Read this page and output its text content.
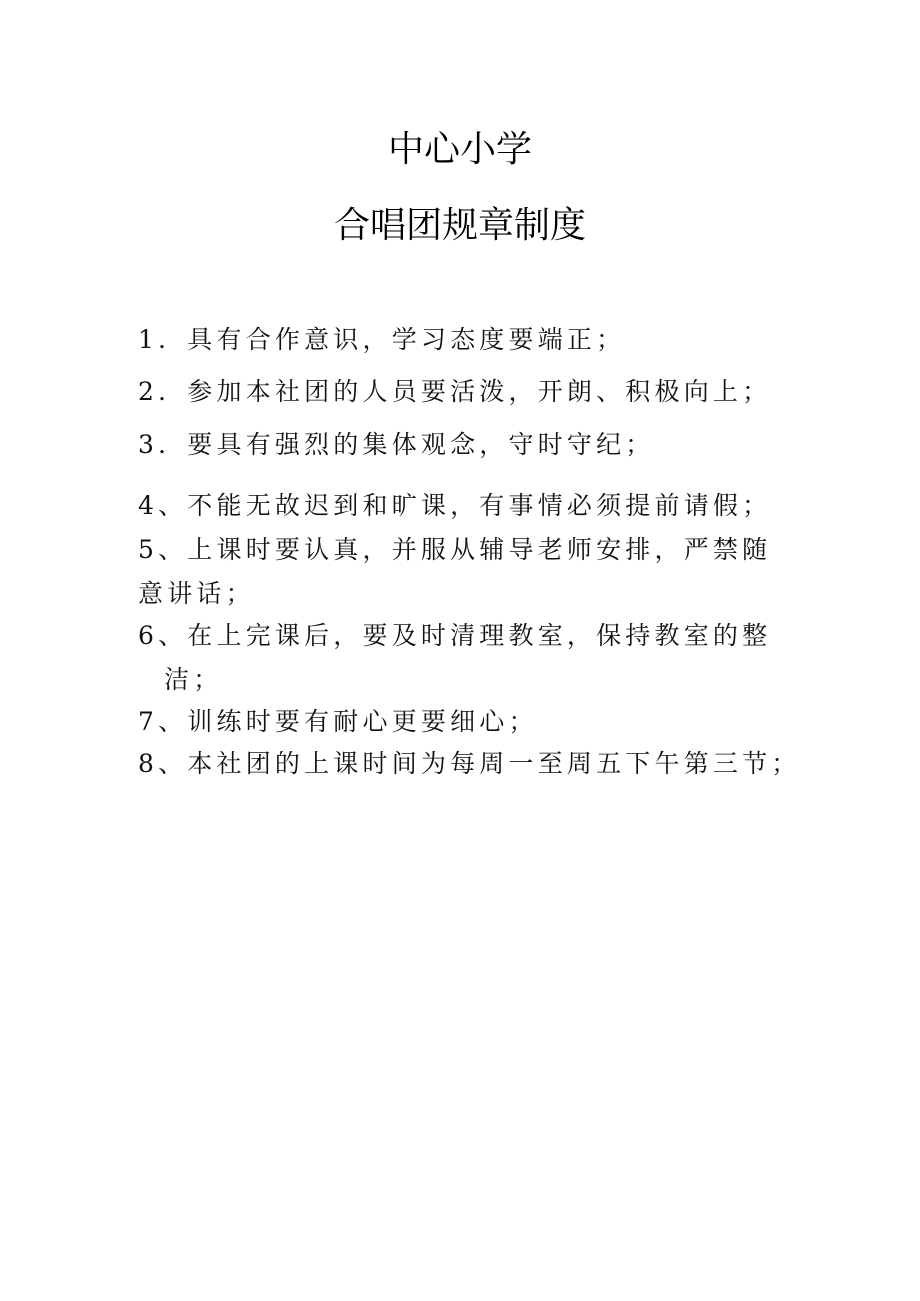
中心小学
合唱团规章制度
1．具有合作意识，学习态度要端正；
2．参加本社团的人员要活泼，开朗、积极向上；
3．要具有强烈的集体观念，守时守纪；
4、不能无故迟到和旷课，有事情必须提前请假；
5、上课时要认真，并服从辅导老师安排，严禁随
意讲话；
6、在上完课后，要及时清理教室，保持教室的整
洁；
7、训练时要有耐心更要细心；
8、本社团的上课时间为每周一至周五下午第三节；
